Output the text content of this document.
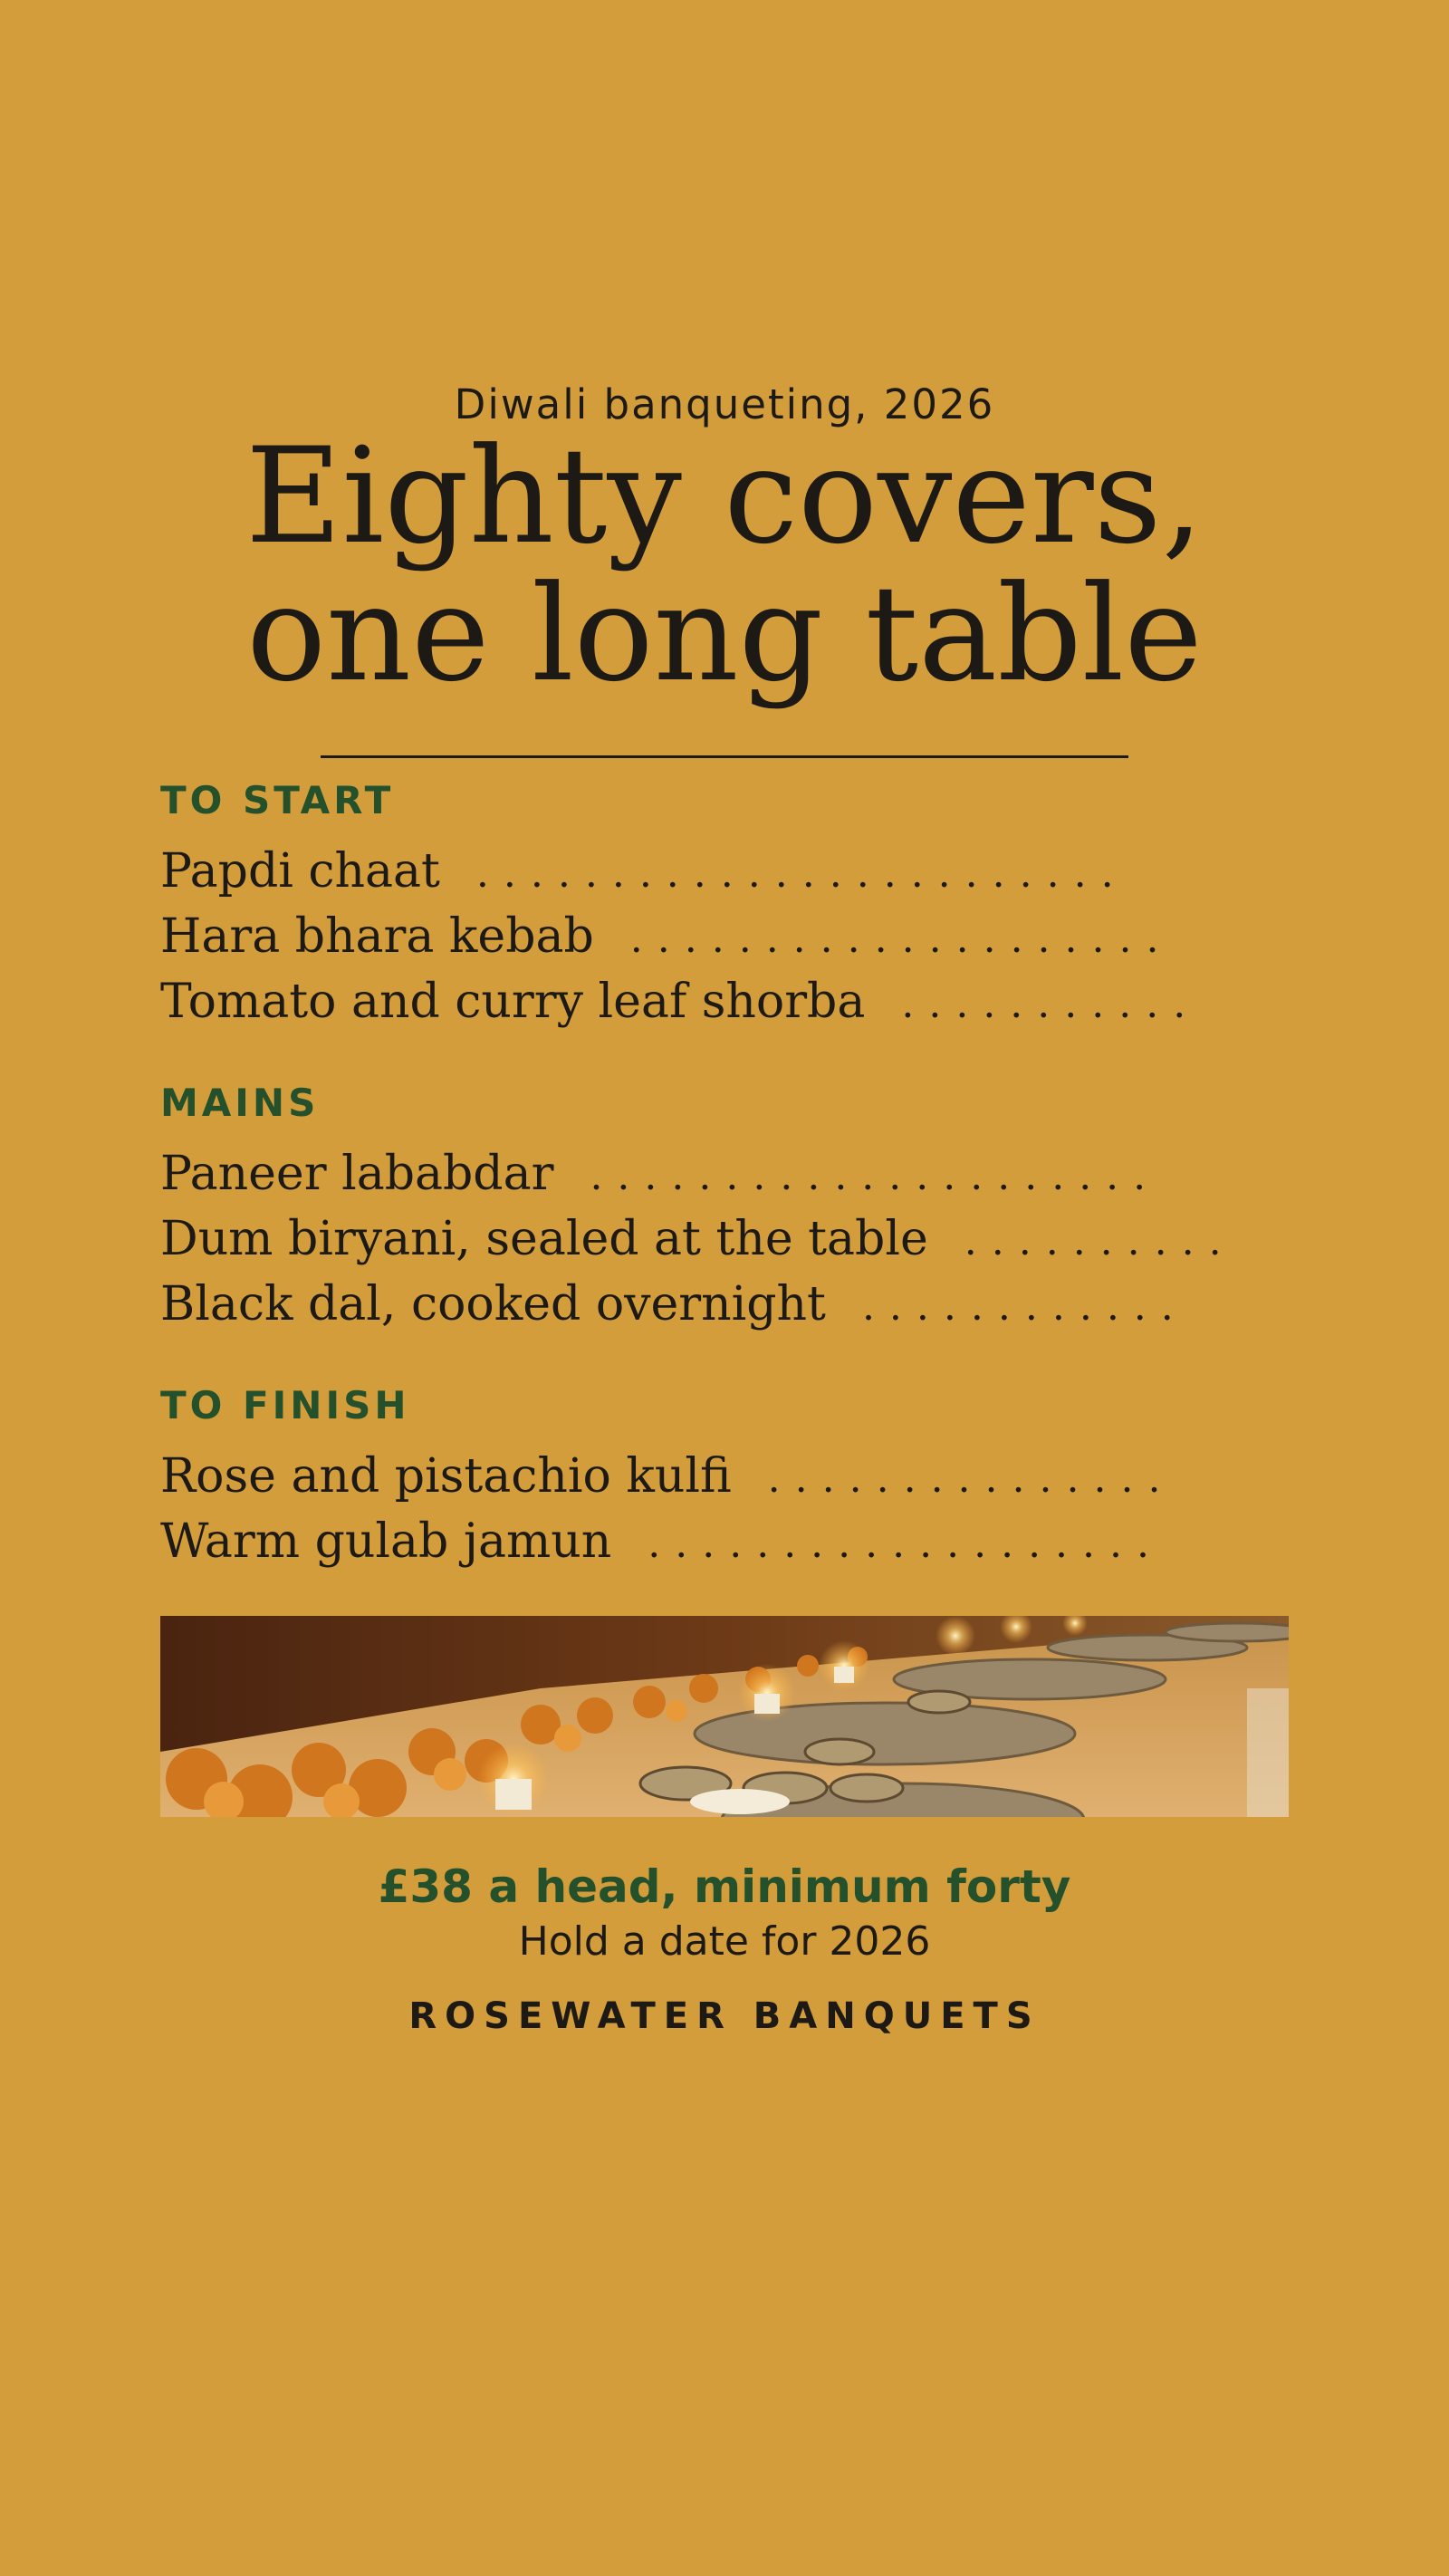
Diwali banqueting, 2026
Eighty covers,
one long table
TO START
Papdi chaat ........................
Hara bhara kebab ....................
Tomato and curry leaf shorba ...........
MAINS
Paneer lababdar .....................
Dum biryani, sealed at the table ..........
Black dal, cooked overnight ............
TO FINISH
Rose and pistachio kulfi ...............
Warm gulab jamun ...................
£38 a head, minimum forty
Hold a date for 2026
ROSEWATER BANQUETS
